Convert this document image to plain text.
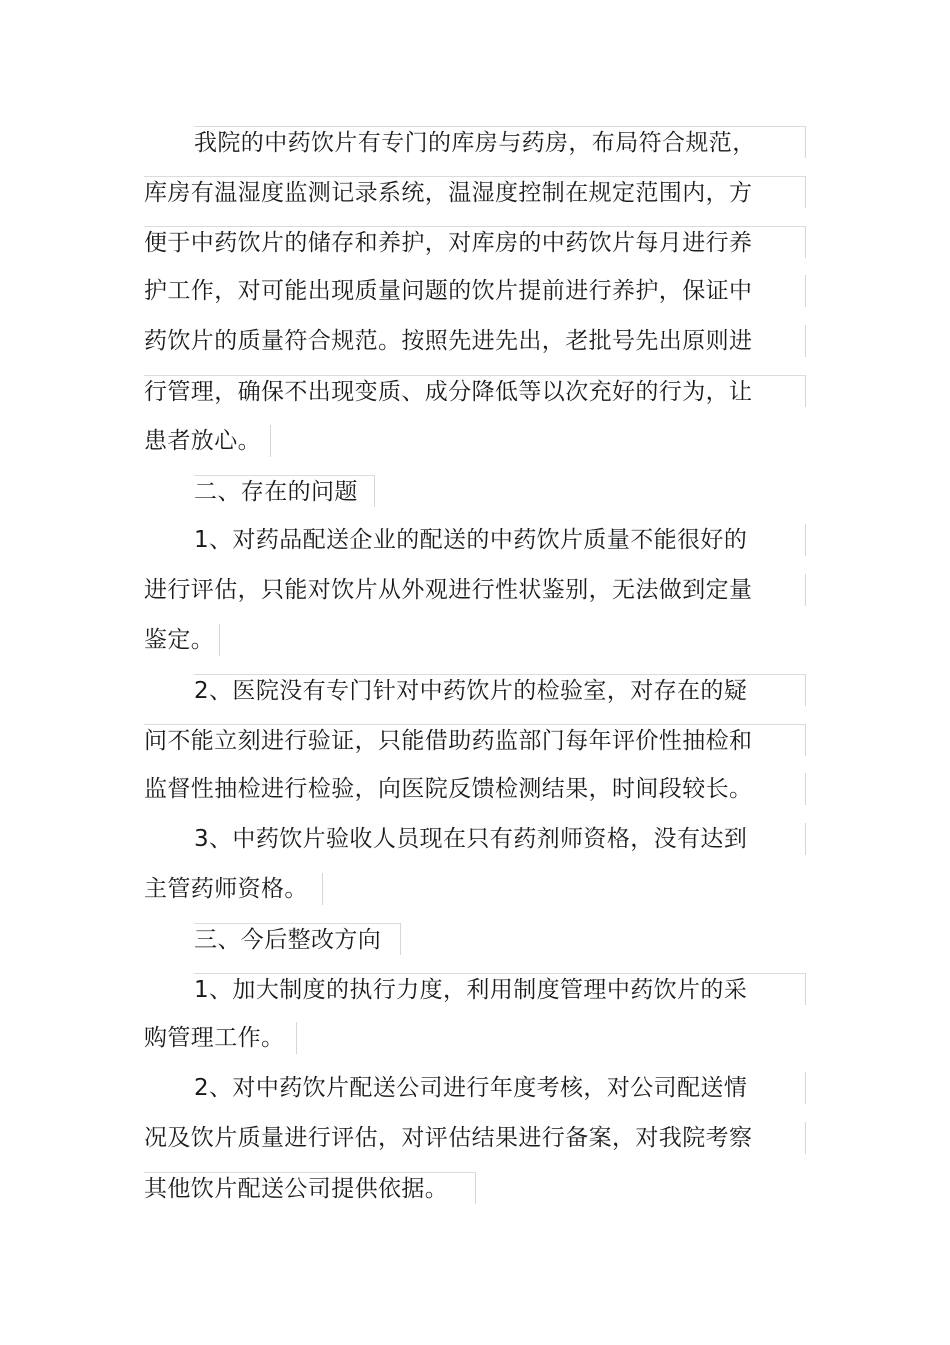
我院的中药饮片有专门的库房与药房，布局符合规范，
库房有温湿度监测记录系统，温湿度控制在规定范围内，方
便于中药饮片的储存和养护，对库房的中药饮片每月进行养
护工作，对可能出现质量问题的饮片提前进行养护，保证中
药饮片的质量符合规范。按照先进先出，老批号先出原则进
行管理，确保不出现变质、成分降低等以次充好的行为，让
患者放心。
二、存在的问题
1、对药品配送企业的配送的中药饮片质量不能很好的
进行评估，只能对饮片从外观进行性状鉴别，无法做到定量
鉴定。
2、医院没有专门针对中药饮片的检验室，对存在的疑
问不能立刻进行验证，只能借助药监部门每年评价性抽检和
监督性抽检进行检验，向医院反馈检测结果，时间段较长。
3、中药饮片验收人员现在只有药剂师资格，没有达到
主管药师资格。
三、今后整改方向
1、加大制度的执行力度，利用制度管理中药饮片的采
购管理工作。
2、对中药饮片配送公司进行年度考核，对公司配送情
况及饮片质量进行评估，对评估结果进行备案，对我院考察
其他饮片配送公司提供依据。
